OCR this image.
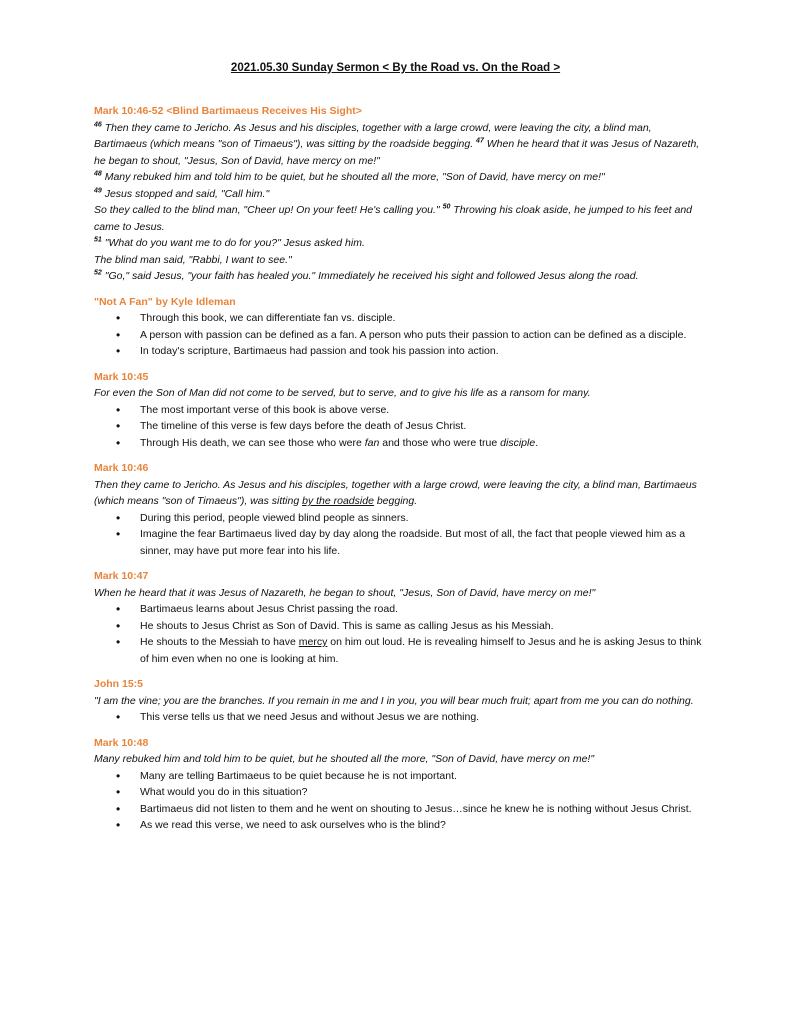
2021.05.30 Sunday Sermon < By the Road vs. On the Road >
Mark 10:46-52 <Blind Bartimaeus Receives His Sight>
$^{46}$ Then they came to Jericho. As Jesus and his disciples, together with a large crowd, were leaving the city, a blind man, Bartimaeus (which means "son of Timaeus"), was sitting by the roadside begging. $^{47}$ When he heard that it was Jesus of Nazareth, he began to shout, "Jesus, Son of David, have mercy on me!"
$^{48}$ Many rebuked him and told him to be quiet, but he shouted all the more, "Son of David, have mercy on me!"
$^{49}$ Jesus stopped and said, "Call him."
So they called to the blind man, "Cheer up! On your feet! He's calling you." $^{50}$ Throwing his cloak aside, he jumped to his feet and came to Jesus.
$^{51}$ "What do you want me to do for you?" Jesus asked him.
The blind man said, "Rabbi, I want to see."
$^{52}$ "Go," said Jesus, "your faith has healed you." Immediately he received his sight and followed Jesus along the road.
"Not A Fan" by Kyle Idleman
• Through this book, we can differentiate fan vs. disciple.
• A person with passion can be defined as a fan. A person who puts their passion to action can be defined as a disciple.
• In today's scripture, Bartimaeus had passion and took his passion into action.
Mark 10:45
For even the Son of Man did not come to be served, but to serve, and to give his life as a ransom for many.
• The most important verse of this book is above verse.
• The timeline of this verse is few days before the death of Jesus Christ.
• Through His death, we can see those who were fan and those who were true disciple.
Mark 10:46
Then they came to Jericho. As Jesus and his disciples, together with a large crowd, were leaving the city, a blind man, Bartimaeus (which means "son of Timaeus"), was sitting by the roadside begging.
• During this period, people viewed blind people as sinners.
• Imagine the fear Bartimaeus lived day by day along the roadside. But most of all, the fact that people viewed him as a sinner, may have put more fear into his life.
Mark 10:47
When he heard that it was Jesus of Nazareth, he began to shout, "Jesus, Son of David, have mercy on me!"
• Bartimaeus learns about Jesus Christ passing the road.
• He shouts to Jesus Christ as Son of David. This is same as calling Jesus as his Messiah.
• He shouts to the Messiah to have mercy on him out loud. He is revealing himself to Jesus and he is asking Jesus to think of him even when no one is looking at him.
John 15:5
"I am the vine; you are the branches. If you remain in me and I in you, you will bear much fruit; apart from me you can do nothing.
• This verse tells us that we need Jesus and without Jesus we are nothing.
Mark 10:48
Many rebuked him and told him to be quiet, but he shouted all the more, "Son of David, have mercy on me!"
• Many are telling Bartimaeus to be quiet because he is not important.
• What would you do in this situation?
• Bartimaeus did not listen to them and he went on shouting to Jesus…since he knew he is nothing without Jesus Christ.
• As we read this verse, we need to ask ourselves who is the blind?
